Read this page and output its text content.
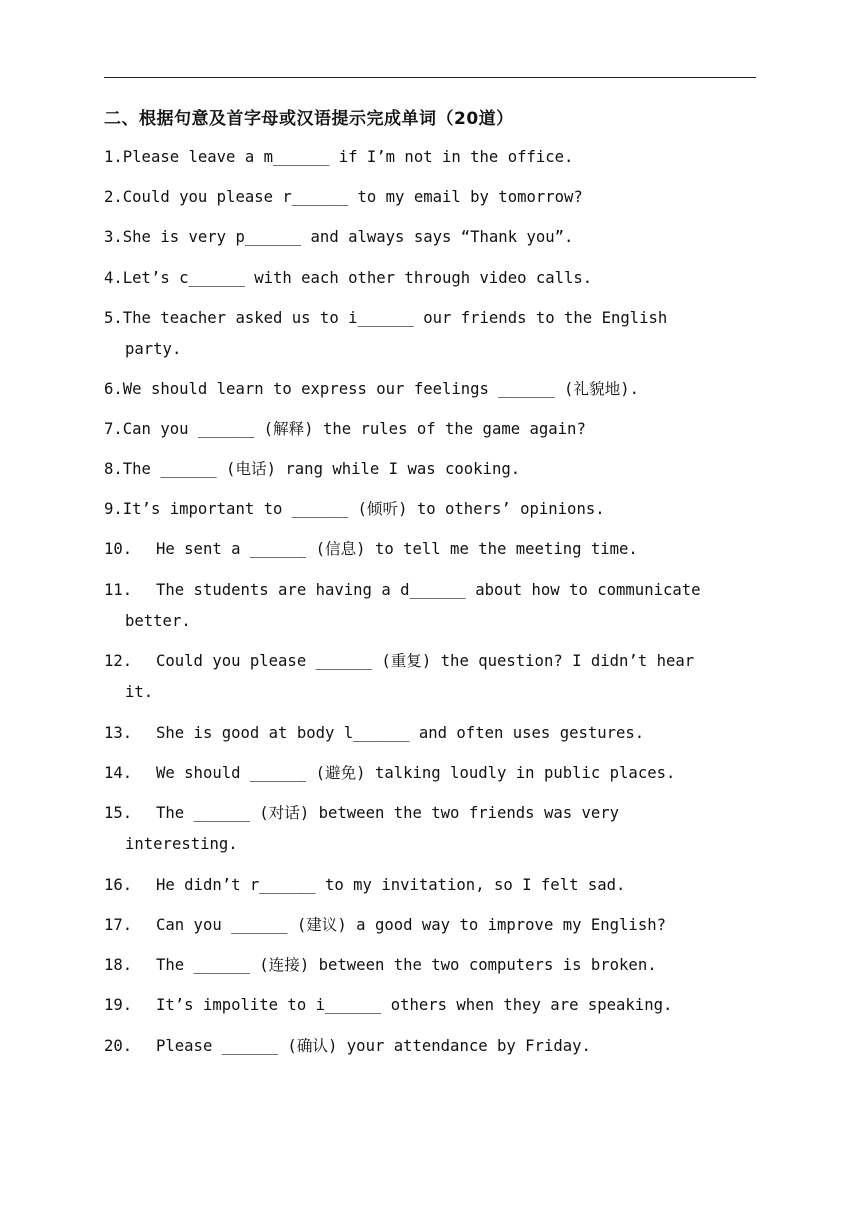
二、根据句意及首字母或汉语提示完成单词（20道）
1.Please leave a m______ if I’m not in the office.
2.Could you please r______ to my email by tomorrow?
3.She is very p______ and always says “Thank you”.
4.Let’s c______ with each other through video calls.
5.The teacher asked us to i______ our friends to the English
party.
6.We should learn to express our feelings ______ (礼貌地).
7.Can you ______ (解释) the rules of the game again?
8.The ______ (电话) rang while I was cooking.
9.It’s important to ______ (倾听) to others’ opinions.
10. He sent a ______ (信息) to tell me the meeting time.
11. The students are having a d______ about how to communicate
better.
12. Could you please ______ (重复) the question? I didn’t hear
it.
13. She is good at body l______ and often uses gestures.
14. We should ______ (避免) talking loudly in public places.
15. The ______ (对话) between the two friends was very
interesting.
16. He didn’t r______ to my invitation, so I felt sad.
17. Can you ______ (建议) a good way to improve my English?
18. The ______ (连接) between the two computers is broken.
19. It’s impolite to i______ others when they are speaking.
20. Please ______ (确认) your attendance by Friday.
